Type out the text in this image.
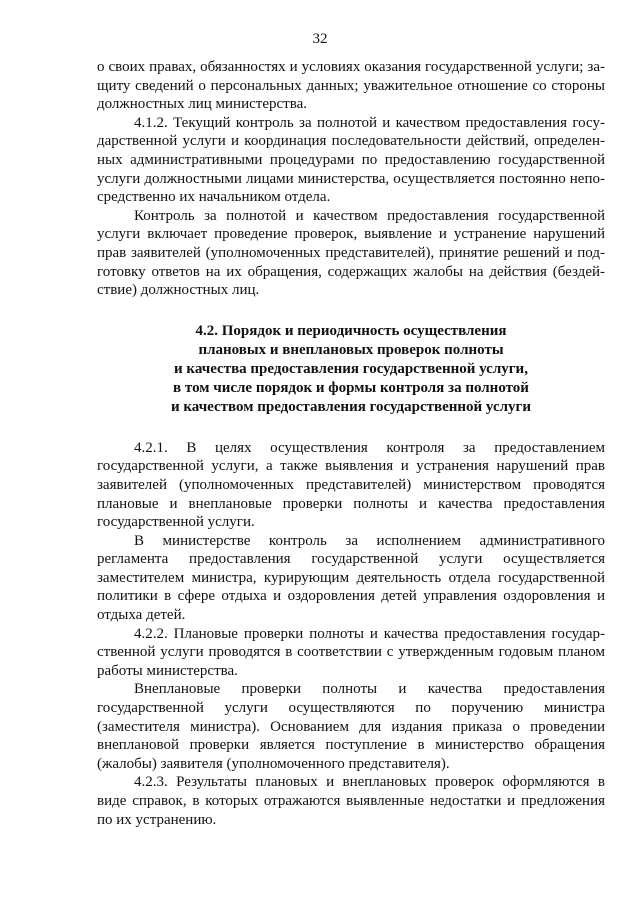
32

о своих правах, обязанностях и условиях оказания государственной услуги; защиту сведений о персональных данных; уважительное отношение со стороны должностных лиц министерства.

4.1.2. Текущий контроль за полнотой и качеством предоставления государственной услуги и координация последовательности действий, определенных административными процедурами по предоставлению государственной услуги должностными лицами министерства, осуществляется постоянно непосредственно их начальником отдела.

Контроль за полнотой и качеством предоставления государственной услуги включает проведение проверок, выявление и устранение нарушений прав заявителей (уполномоченных представителей), принятие решений и подготовку ответов на их обращения, содержащих жалобы на действия (бездействие) должностных лиц.

4.2. Порядок и периодичность осуществления
плановых и внеплановых проверок полноты
и качества предоставления государственной услуги,
в том числе порядок и формы контроля за полнотой
и качеством предоставления государственной услуги

4.2.1. В целях осуществления контроля за предоставлением государственной услуги, а также выявления и устранения нарушений прав заявителей (уполномоченных представителей) министерством проводятся плановые и внеплановые проверки полноты и качества предоставления государственной услуги.

В министерстве контроль за исполнением административного регламента предоставления государственной услуги осуществляется заместителем министра, курирующим деятельность отдела государственной политики в сфере отдыха и оздоровления детей управления оздоровления и отдыха детей.

4.2.2. Плановые проверки полноты и качества предоставления государственной услуги проводятся в соответствии с утвержденным годовым планом работы министерства.

Внеплановые проверки полноты и качества предоставления государственной услуги осуществляются по поручению министра (заместителя министра). Основанием для издания приказа о проведении внеплановой проверки является поступление в министерство обращения (жалобы) заявителя (уполномоченного представителя).

4.2.3. Результаты плановых и внеплановых проверок оформляются в виде справок, в которых отражаются выявленные недостатки и предложения по их устранению.
